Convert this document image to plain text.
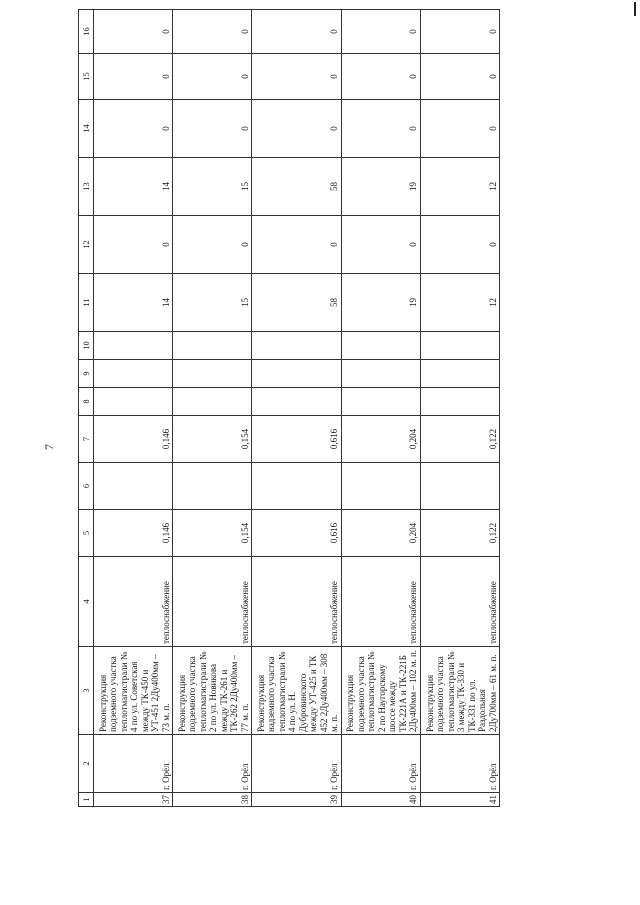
7
1	2	3	4	5	6	7	8	9	10	11	12	13	14	15	16
37	г. Орёл	Реконструкция подземного участка теплотмагистрали № 4 по ул. Советская между ТК-450 и УТ-451 2Ду400мм – 73 м. п.	теплоснабжение	0,146		0,146				14	0	14	0	0	0
38	г. Орёл	Реконструкция подземного участка теплотмагистрали № 2 по ул. Новикова между ТК-261 и ТК-262 2Ду400мм – 77 м. п.	теплоснабжение	0,154		0,154				15	0	15	0	0	0
39	г. Орёл	Реконструкция надземного участка теплотмагистрали № 4 по ул. Н. Дубровинского между УТ-425 и ТК 452 2Ду400мм – 308 м. п.	теплоснабжение	0,616		0,616				58	0	58	0	0	0
40	г. Орёл	Реконструкция подземного участка теплотмагистрали № 2 по Наугорскому шоссе между ТК-221А и ТК-221Б 2Ду400мм – 102 м. п.	теплоснабжение	0,204		0,204				19	0	19	0	0	0
41	г. Орёл	Реконструкция подземного участка теплотмагистрали № 3 между ТК-330 и ТК-331 по ул. Раздольная 2Ду700мм – 61 м. п.	теплоснабжение	0,122		0,122				12	0	12	0	0	0
